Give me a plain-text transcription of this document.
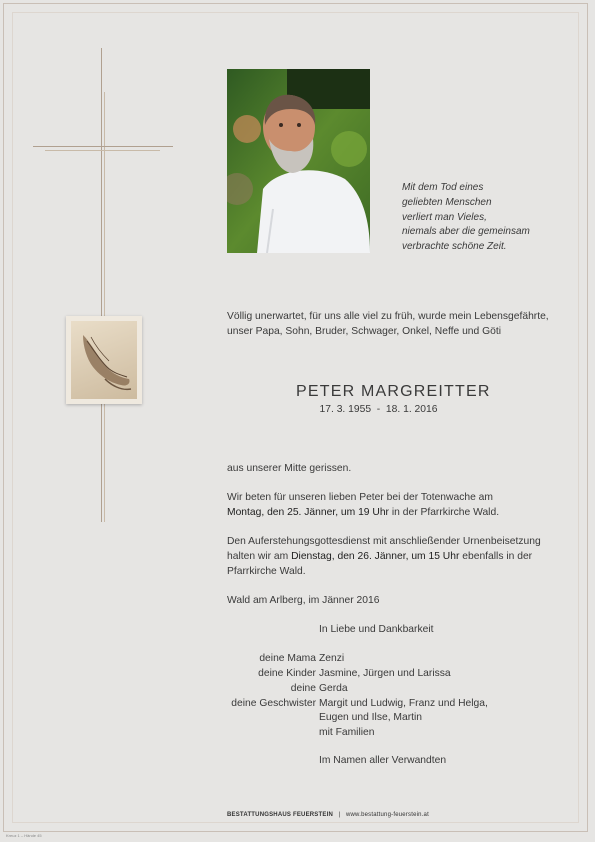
Mit dem Tod eines
geliebten Menschen
verliert man Vieles,
niemals aber die gemeinsam
verbrachte schöne Zeit.
Völlig unerwartet, für uns alle viel zu früh, wurde mein Lebensgefährte,
unser Papa, Sohn, Bruder, Schwager, Onkel, Neffe und Göti
PETER MARGREITTER
17. 3. 1955  -  18. 1. 2016
aus unserer Mitte gerissen.
Wir beten für unseren lieben Peter bei der Totenwache am
Montag, den 25. Jänner, um 19 Uhr in der Pfarrkirche Wald.
Den Auferstehungsgottesdienst mit anschließender Urnenbeisetzung
halten wir am Dienstag, den 26. Jänner, um 15 Uhr ebenfalls in der
Pfarrkirche Wald.
Wald am Arlberg, im Jänner 2016
In Liebe und Dankbarkeit
deine Mama Zenzi
deine Kinder Jasmine, Jürgen und Larissa
deine Gerda
deine Geschwister Margit und Ludwig, Franz und Helga,
Eugen und Ilse, Martin
mit Familien
Im Namen aller Verwandten
BESTATTUNGSHAUS FEUERSTEIN | www.bestattung-feuerstein.at
Kreuz 1 – Hände 45
